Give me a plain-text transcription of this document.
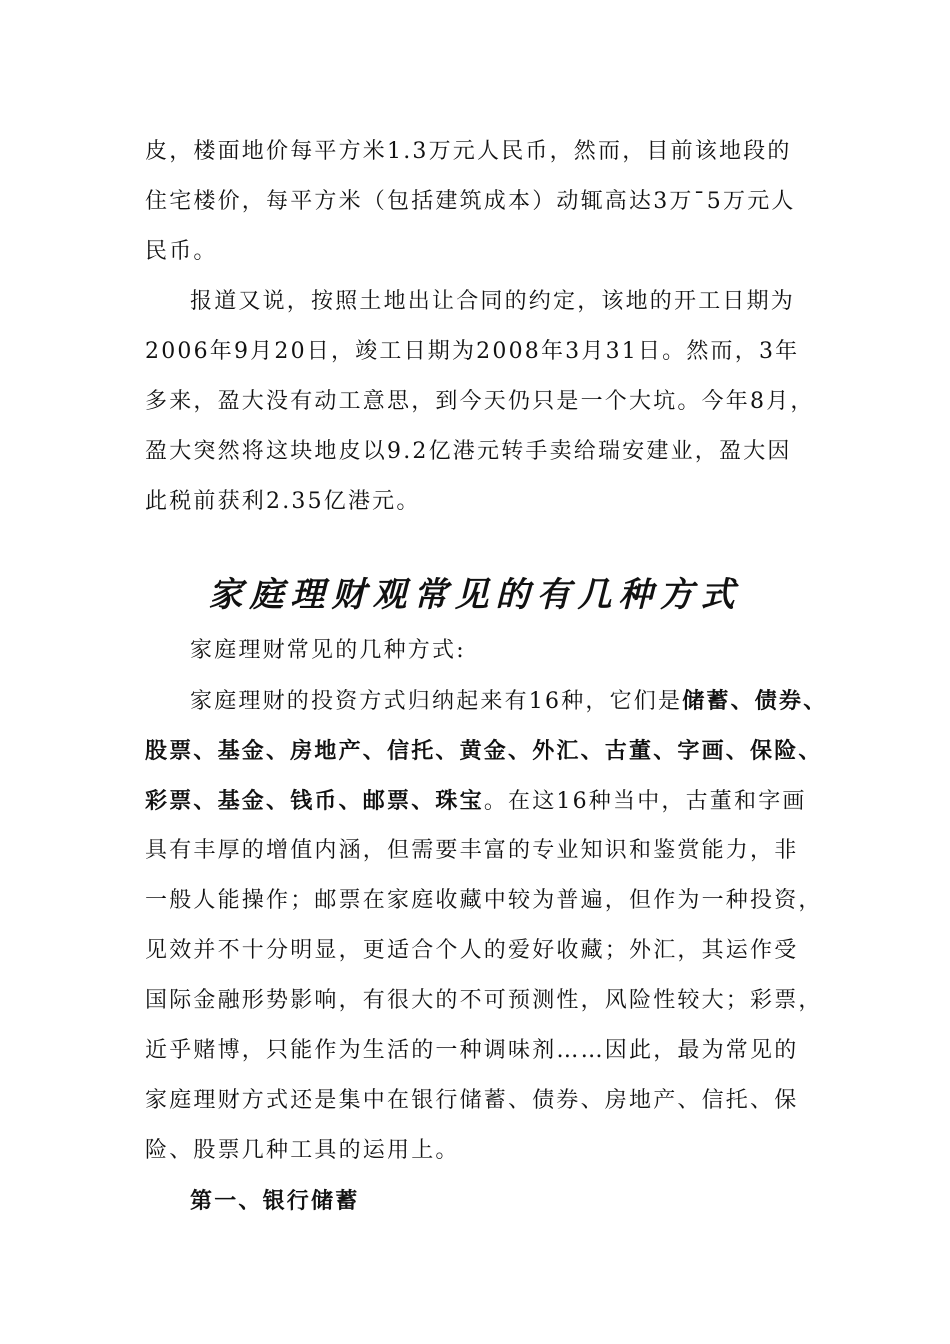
皮，楼面地价每平方米1.3万元人民币，然而，目前该地段的
住宅楼价，每平方米（包括建筑成本）动辄高达3万¯5万元人
民币。
报道又说，按照土地出让合同的约定，该地的开工日期为
2006年9月20日，竣工日期为2008年3月31日。然而，3年
多来，盈大没有动工意思，到今天仍只是一个大坑。今年8月，
盈大突然将这块地皮以9.2亿港元转手卖给瑞安建业，盈大因
此税前获利2.35亿港元。
家庭理财观常见的有几种方式
家庭理财常见的几种方式:
家庭理财的投资方式归纳起来有16种，它们是储蓄、债券、
股票、基金、房地产、信托、黄金、外汇、古董、字画、保险、
彩票、基金、钱币、邮票、珠宝。在这16种当中，古董和字画
具有丰厚的增值内涵，但需要丰富的专业知识和鉴赏能力，非
一般人能操作；邮票在家庭收藏中较为普遍，但作为一种投资，
见效并不十分明显，更适合个人的爱好收藏；外汇，其运作受
国际金融形势影响，有很大的不可预测性，风险性较大；彩票，
近乎赌博，只能作为生活的一种调味剂……因此，最为常见的
家庭理财方式还是集中在银行储蓄、债券、房地产、信托、保
险、股票几种工具的运用上。
第一、银行储蓄
